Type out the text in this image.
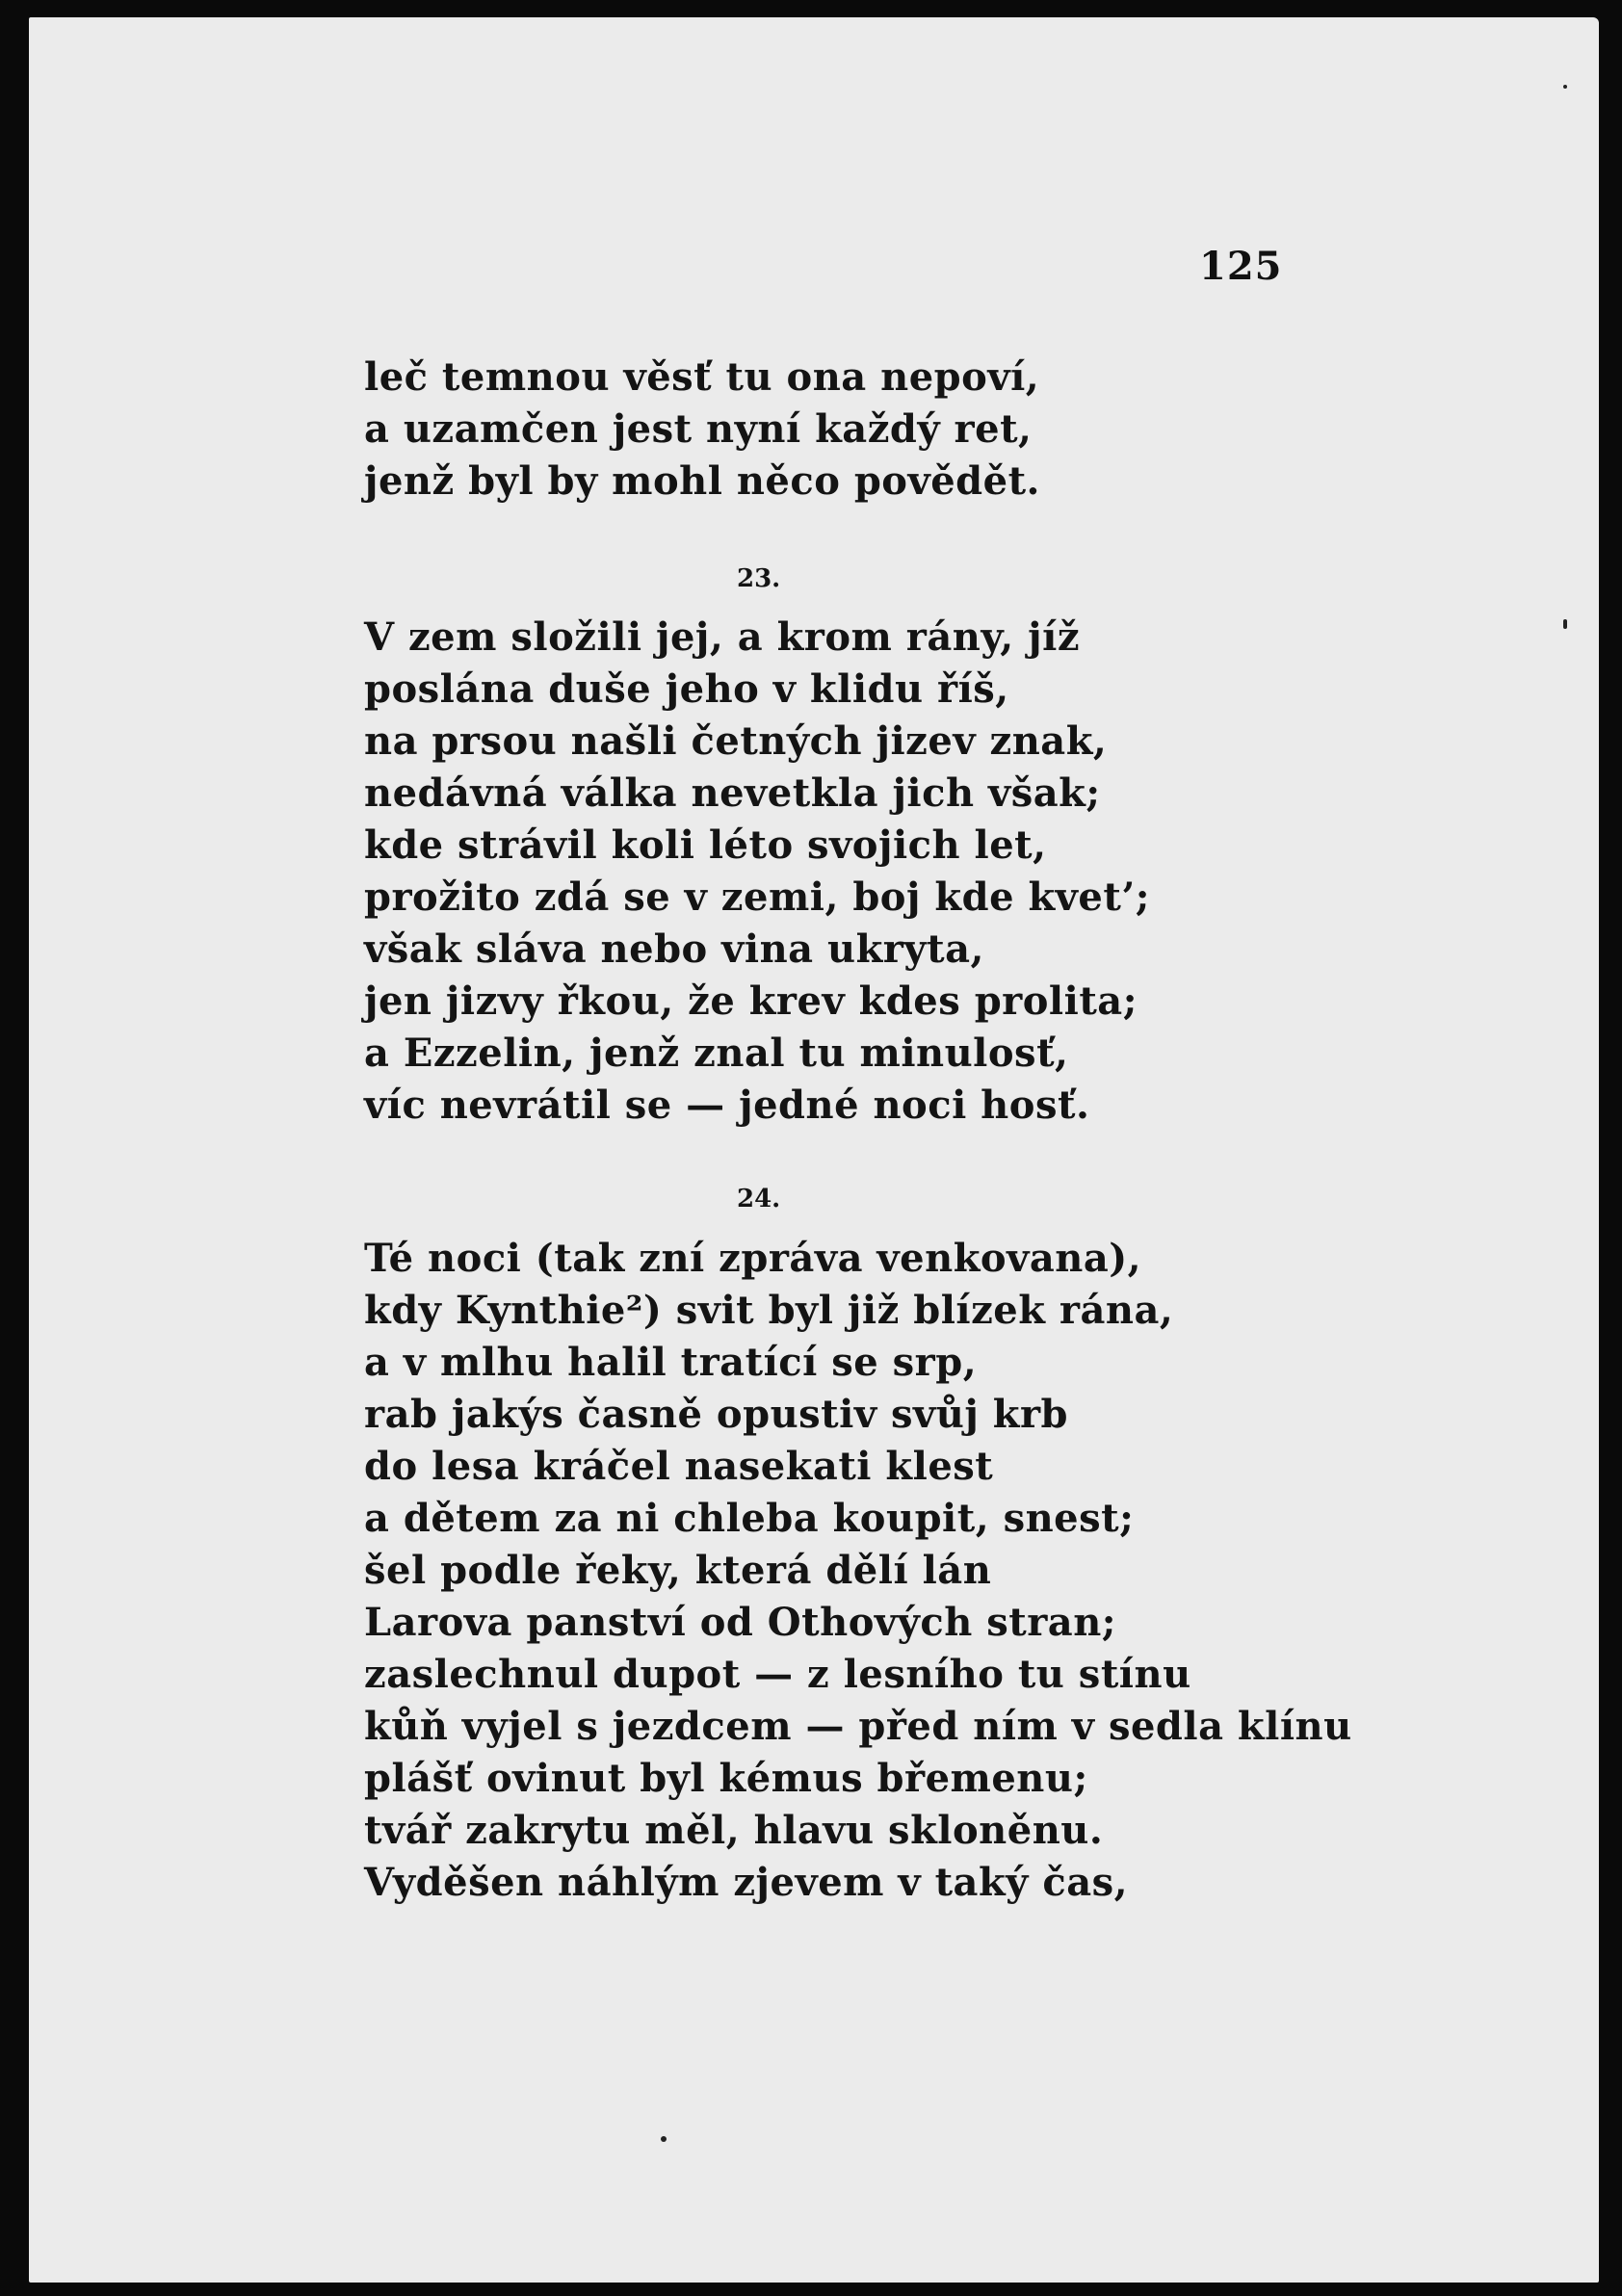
125
leč temnou věsť tu ona nepoví,
a uzamčen jest nyní každý ret,
jenž byl by mohl něco povědět.
23.
V zem složili jej, a krom rány, jíž
poslána duše jeho v klidu říš,
na prsou našli četných jizev znak,
nedávná válka nevetkla jich však;
kde strávil koli léto svojich let,
prožito zdá se v zemi, boj kde kvet’;
však sláva nebo vina ukryta,
jen jizvy řkou, že krev kdes prolita;
a Ezzelin, jenž znal tu minulosť,
víc nevrátil se — jedné noci hosť.
24.
Té noci (tak zní zpráva venkovana),
kdy Kynthie²) svit byl již blízek rána,
a v mlhu halil tratící se srp,
rab jakýs časně opustiv svůj krb
do lesa kráčel nasekati klest
a dětem za ni chleba koupit, snest;
šel podle řeky, která dělí lán
Larova panství od Othových stran;
zaslechnul dupot — z lesního tu stínu
kůň vyjel s jezdcem — před ním v sedla klínu
plášť ovinut byl kémus břemenu;
tvář zakrytu měl, hlavu skloněnu.
Vyděšen náhlým zjevem v taký čas,
